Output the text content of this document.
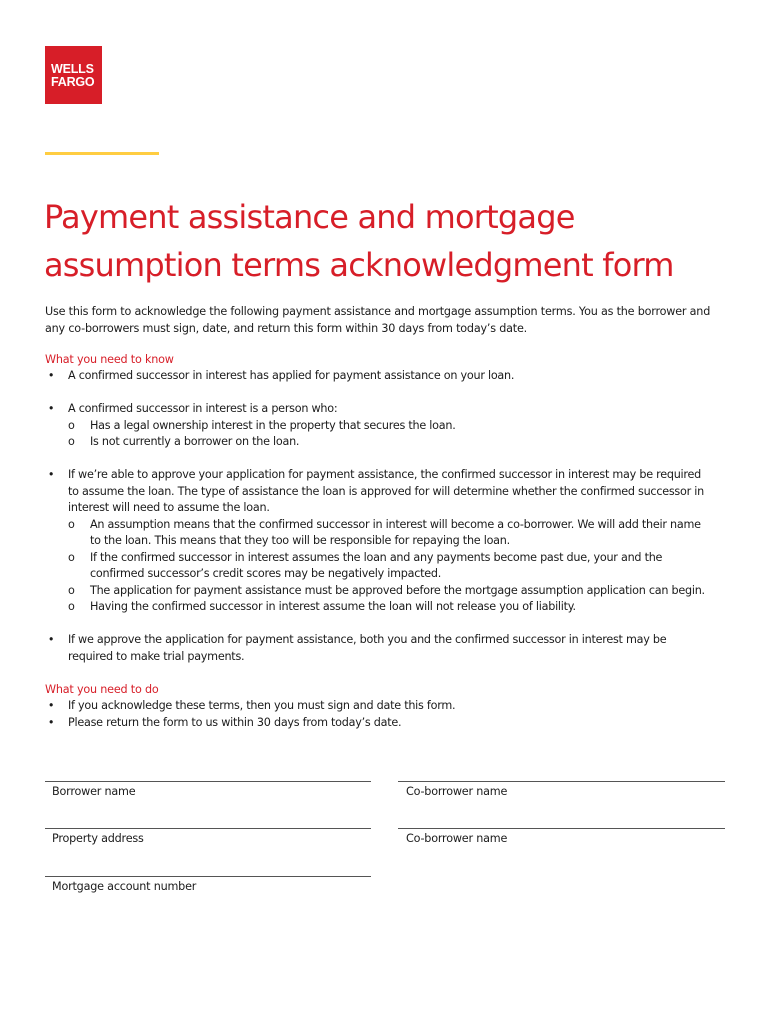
WELLS
FARGO
Payment assistance and mortgage
assumption terms acknowledgment form
Use this form to acknowledge the following payment assistance and mortgage assumption terms. You as the borrower and
any co-borrowers must sign, date, and return this form within 30 days from today’s date.
What you need to know
• A confirmed successor in interest has applied for payment assistance on your loan.
• A confirmed successor in interest is a person who:
o Has a legal ownership interest in the property that secures the loan.
o Is not currently a borrower on the loan.
• If we’re able to approve your application for payment assistance, the confirmed successor in interest may be required
to assume the loan. The type of assistance the loan is approved for will determine whether the confirmed successor in
interest will need to assume the loan.
o An assumption means that the confirmed successor in interest will become a co-borrower. We will add their name
to the loan. This means that they too will be responsible for repaying the loan.
o If the confirmed successor in interest assumes the loan and any payments become past due, your and the
confirmed successor’s credit scores may be negatively impacted.
o The application for payment assistance must be approved before the mortgage assumption application can begin.
o Having the confirmed successor in interest assume the loan will not release you of liability.
• If we approve the application for payment assistance, both you and the confirmed successor in interest may be
required to make trial payments.
What you need to do
• If you acknowledge these terms, then you must sign and date this form.
• Please return the form to us within 30 days from today’s date.
Borrower name	Co-borrower name
Property address	Co-borrower name
Mortgage account number
